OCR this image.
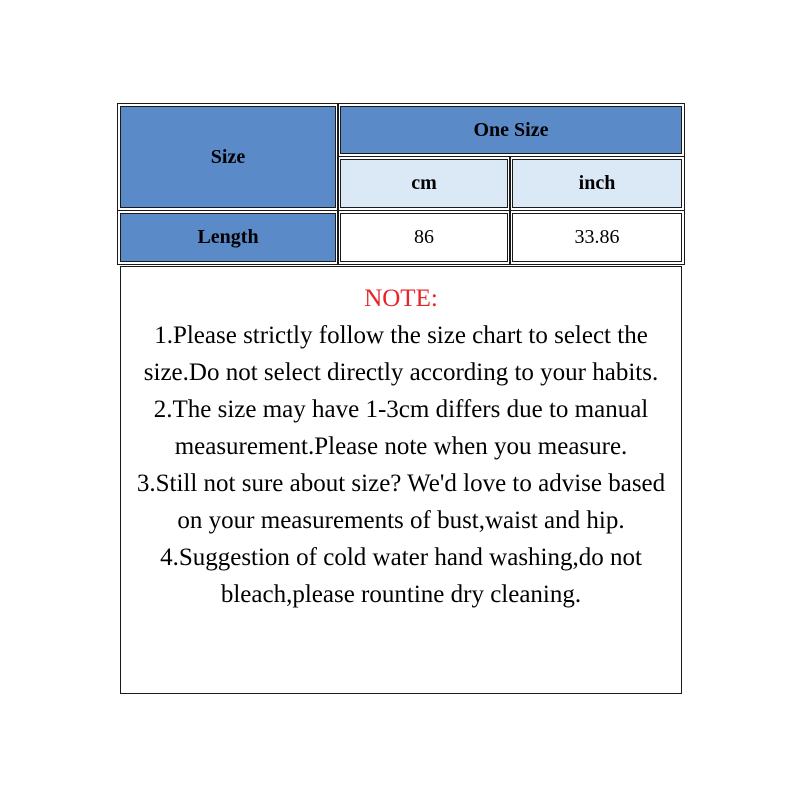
Size
One Size
cm	inch
Length	86	33.86
NOTE:
1.Please strictly follow the size chart to select the size.Do not select directly according to your habits.
2.The size may have 1-3cm differs due to manual measurement.Please note when you measure.
3.Still not sure about size? We'd love to advise based on your measurements of bust,waist and hip.
4.Suggestion of cold water hand washing,do not bleach,please rountine dry cleaning.
